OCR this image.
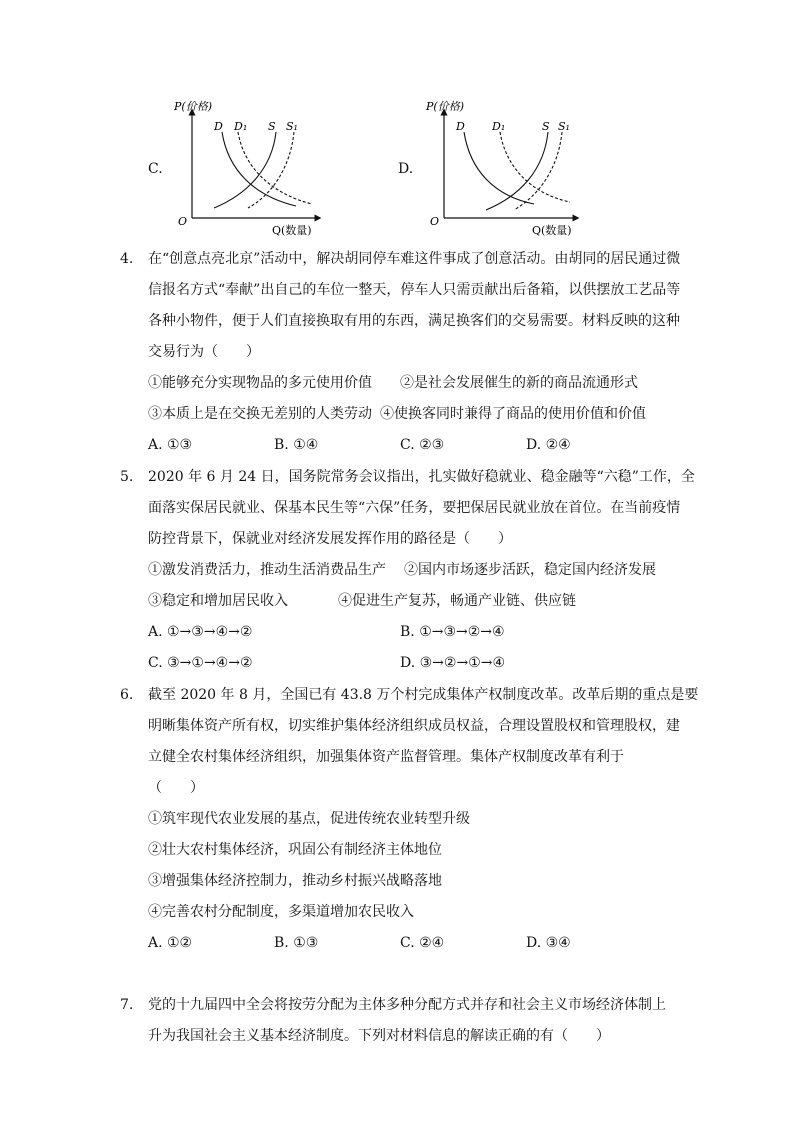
C.
P(价格)
Q(数量)
O
D D₁ S S₁
D.
P(价格)
Q(数量)
O
D D₁	S S₁
4. 在“创意点亮北京”活动中，解决胡同停车难这件事成了创意活动。由胡同的居民通过微
信报名方式“奉献”出自己的车位一整天，停车人只需贡献出后备箱，以供摆放工艺品等
各种小物件，便于人们直接换取有用的东西，满足换客们的交易需要。材料反映的这种
交易行为（　　）
①能够充分实现物品的多元使用价值	②是社会发展催生的新的商品流通形式
③本质上是在交换无差别的人类劳动 ④使换客同时兼得了商品的使用价值和价值
A. ①③	B. ①④	C. ②③	D. ②④
5. 2020 年 6 月 24 日，国务院常务会议指出，扎实做好稳就业、稳金融等“六稳”工作，全
面落实保居民就业、保基本民生等“六保”任务，要把保居民就业放在首位。在当前疫情
防控背景下，保就业对经济发展发挥作用的路径是（　　）
①激发消费活力，推动生活消费品生产	②国内市场逐步活跃，稳定国内经济发展
③稳定和增加居民收入	④促进生产复苏，畅通产业链、供应链
A. ①→③→④→②	B. ①→③→②→④
C. ③→①→④→②	D. ③→②→①→④
6. 截至 2020 年 8 月，全国已有 43.8 万个村完成集体产权制度改革。改革后期的重点是要
明晰集体资产所有权，切实维护集体经济组织成员权益，合理设置股权和管理股权，建
立健全农村集体经济组织，加强集体资产监督管理。集体产权制度改革有利于
（　　）
①筑牢现代农业发展的基点，促进传统农业转型升级
②壮大农村集体经济，巩固公有制经济主体地位
③增强集体经济控制力，推动乡村振兴战略落地
④完善农村分配制度，多渠道增加农民收入
A. ①②	B. ①③	C. ②④	D. ③④
7. 党的十九届四中全会将按劳分配为主体多种分配方式并存和社会主义市场经济体制上
升为我国社会主义基本经济制度。下列对材料信息的解读正确的有（　　）
